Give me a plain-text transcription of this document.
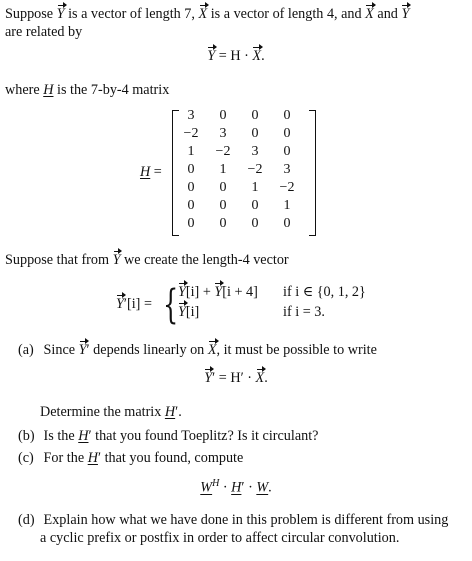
Suppose Y is a vector of length 7, X is a vector of length 4, and X and Y
are related by
Y = H · X.
where H is the 7-by-4 matrix
H =
3	0	0	0
−2	3	0	0
1	−2	3	0
0	1	−2	3
0	0	1	−2
0	0	0	1
0	0	0	0
Suppose that from Y we create the length-4 vector
Y′[i] = { Y[i] + Y[i + 4] if i ∈ {0, 1, 2}
Y[i]	if i = 3.
(a) Since Y′ depends linearly on X, it must be possible to write
Y′ = H′ · X.
Determine the matrix H′.
(b) Is the H′ that you found Toeplitz? Is it circulant?
(c) For the H′ that you found, compute
$W^H \cdot H' \cdot W$.
(d) Explain how what we have done in this problem is different from using
a cyclic prefix or postfix in order to affect circular convolution.
